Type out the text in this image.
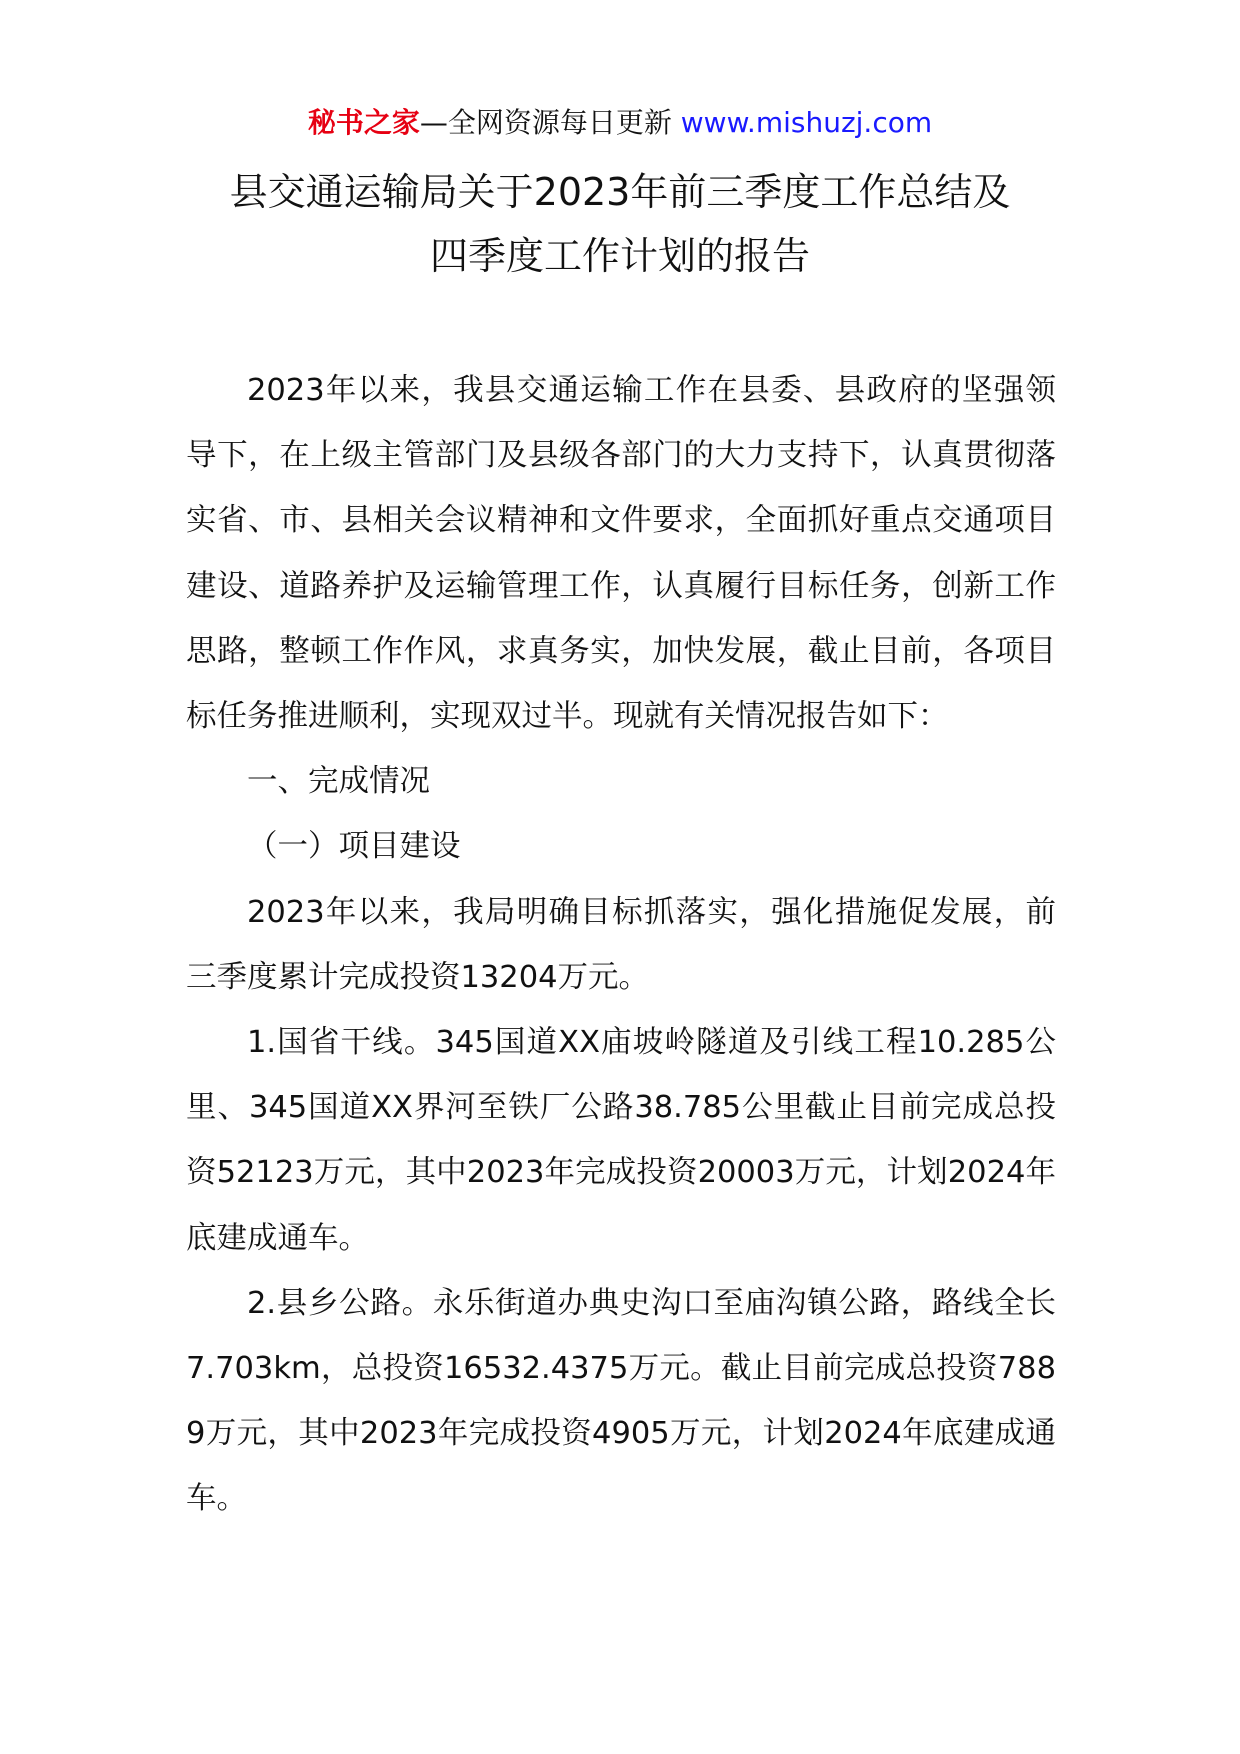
秘书之家—全网资源每日更新 www.mishuzj.com
县交通运输局关于2023年前三季度工作总结及
四季度工作计划的报告

2023年以来，我县交通运输工作在县委、县政府的坚强领导下，在上级主管部门及县级各部门的大力支持下，认真贯彻落实省、市、县相关会议精神和文件要求，全面抓好重点交通项目建设、道路养护及运输管理工作，认真履行目标任务，创新工作思路，整顿工作作风，求真务实，加快发展，截止目前，各项目标任务推进顺利，实现双过半。现就有关情况报告如下：

一、完成情况

（一）项目建设

2023年以来，我局明确目标抓落实，强化措施促发展，前三季度累计完成投资13204万元。

1.国省干线。345国道XX庙坡岭隧道及引线工程10.285公里、345国道XX界河至铁厂公路38.785公里截止目前完成总投资52123万元，其中2023年完成投资20003万元，计划2024年底建成通车。

2.县乡公路。永乐街道办典史沟口至庙沟镇公路，路线全长7.703km，总投资16532.4375万元。截止目前完成总投资7889万元，其中2023年完成投资4905万元，计划2024年底建成通车。
